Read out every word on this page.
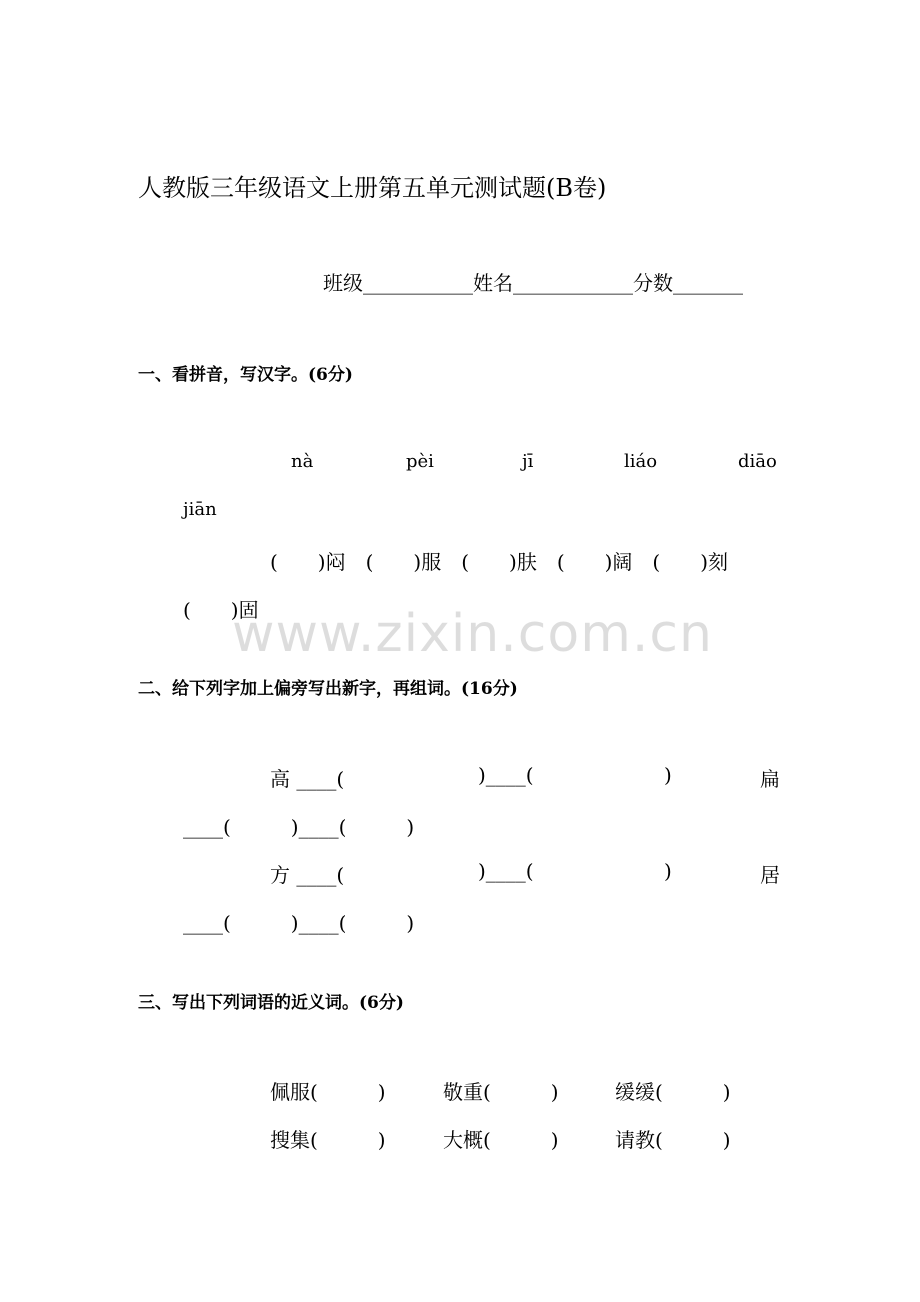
人教版三年级语文上册第五单元测试题(B卷)
班级___________姓名____________分数_______
一、看拼音，写汉字。(6分)
nà	pèi	jī	liáo	diāo
jiān
(　　)闷　(　　)服　(　　)肤　(　　)阔　(　　)刻
(　　)固
www.zixin.com.cn
二、给下列字加上偏旁写出新字，再组词。(16分)
高 ____(	)____(	)	扁
____(　　　)____(　　　)
方 ____(	)____(	)	居
____(　　　)____(　　　)
三、写出下列词语的近义词。(6分)
佩服(　　　)	敬重(　　　)	缓缓(　　　)
搜集(　　　)	大概(　　　)	请教(　　　)
